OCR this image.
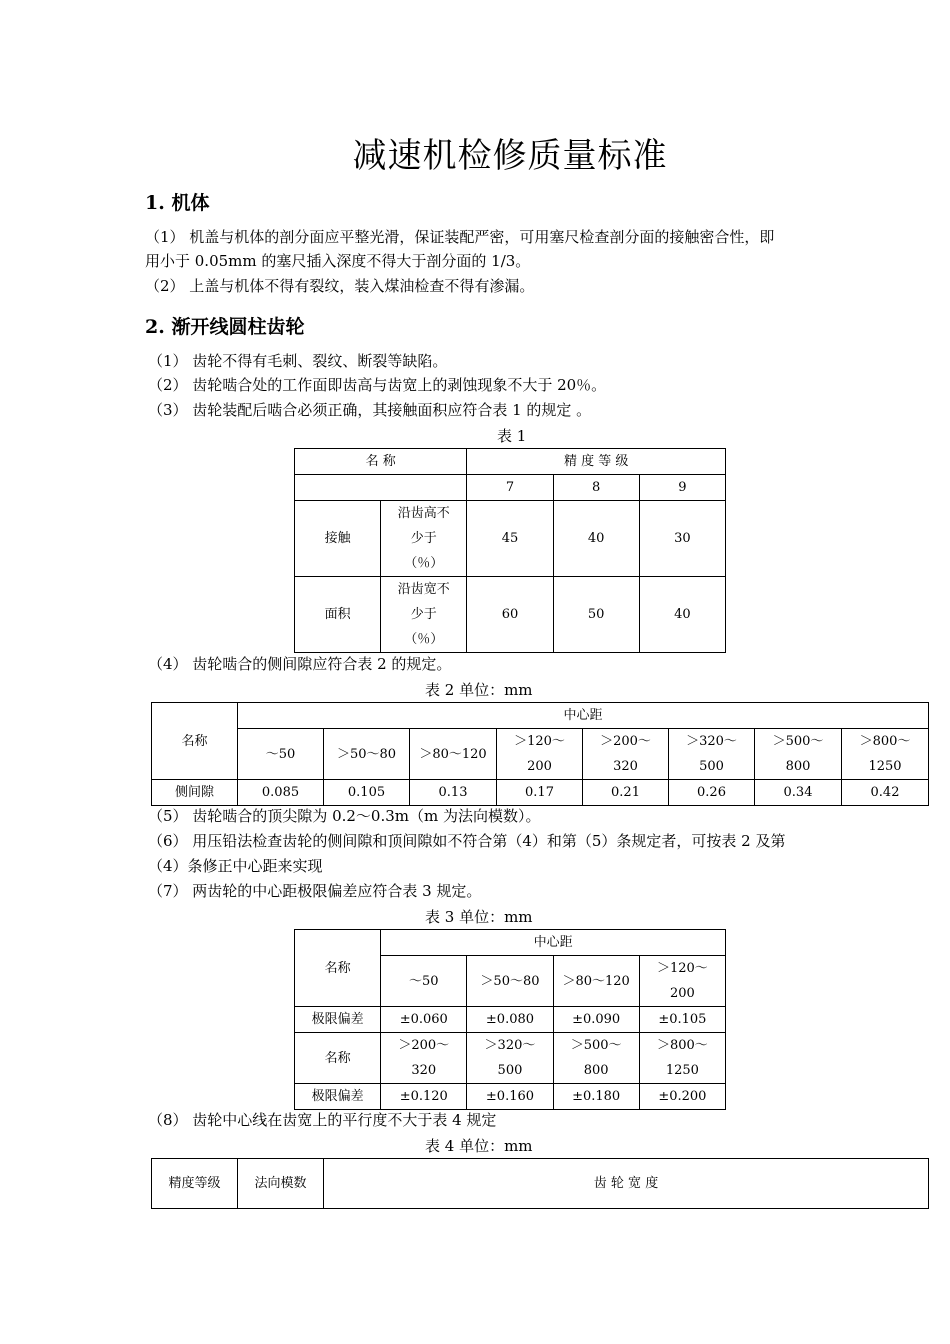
减速机检修质量标准
1. 机体
（1） 机盖与机体的剖分面应平整光滑，保证装配严密，可用塞尺检查剖分面的接触密合性，即
用小于 0.05mm 的塞尺插入深度不得大于剖分面的 1/3。
（2） 上盖与机体不得有裂纹，装入煤油检查不得有渗漏。
2. 渐开线圆柱齿轮
（1） 齿轮不得有毛刺、裂纹、断裂等缺陷。
（2） 齿轮啮合处的工作面即齿高与齿宽上的剥蚀现象不大于 20％。
（3） 齿轮装配后啮合必须正确，其接触面积应符合表 1 的规定 。
表 1
名 称		精 度 等 级		
		7	8	9
接触	沿齿高不少于（％）	45	40	30
面积	沿齿宽不少于（％）	60	50	40
（4） 齿轮啮合的侧间隙应符合表 2 的规定。
表 2 单位：mm
名称	中心距							
	～50	＞50～80	＞80～120	＞120～200	＞200～320	＞320～500	＞500～800	＞800～1250
侧间隙	0.085	0.105	0.13	0.17	0.21	0.26	0.34	0.42
（5） 齿轮啮合的顶尖隙为 0.2～0.3m（m 为法向模数）。
（6） 用压铅法检查齿轮的侧间隙和顶间隙如不符合第（4）和第（5）条规定者，可按表 2 及第
（4）条修正中心距来实现
（7） 两齿轮的中心距极限偏差应符合表 3 规定。
表 3 单位：mm
名称	中心距			
	～50	＞50～80	＞80～120	＞120～200
极限偏差	±0.060	±0.080	±0.090	±0.105
名称	＞200～320	＞320～500	＞500～800	＞800～1250
极限偏差	±0.120	±0.160	±0.180	±0.200
（8） 齿轮中心线在齿宽上的平行度不大于表 4 规定
表 4 单位：mm
精度等级	法向模数	齿 轮 宽 度
